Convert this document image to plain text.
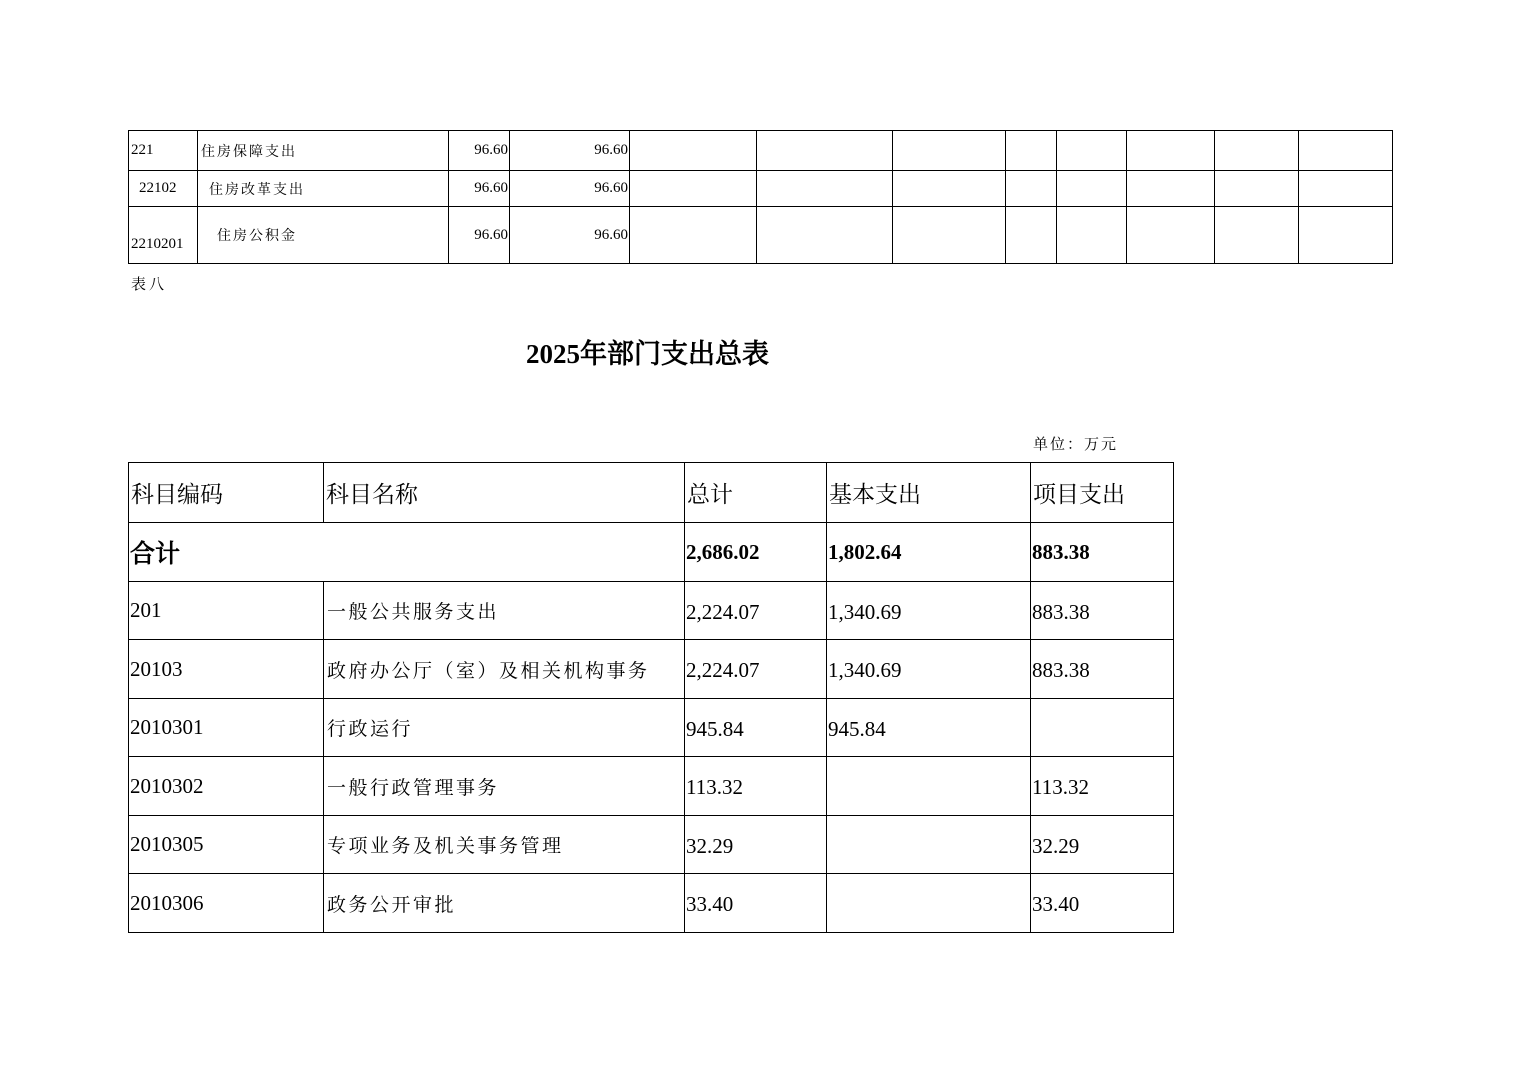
221	住房保障支出	96.60	96.60								
22102	住房改革支出	96.60	96.60								
2210201	住房公积金	96.60	96.60								
表八
2025年部门支出总表
单位：万元
科目编码	科目名称	总计	基本支出	项目支出
合计		2,686.02	1,802.64	883.38
201	一般公共服务支出	2,224.07	1,340.69	883.38
20103	政府办公厅（室）及相关机构事务	2,224.07	1,340.69	883.38
2010301	行政运行	945.84	945.84	
2010302	一般行政管理事务	113.32		113.32
2010305	专项业务及机关事务管理	32.29		32.29
2010306	政务公开审批	33.40		33.40
